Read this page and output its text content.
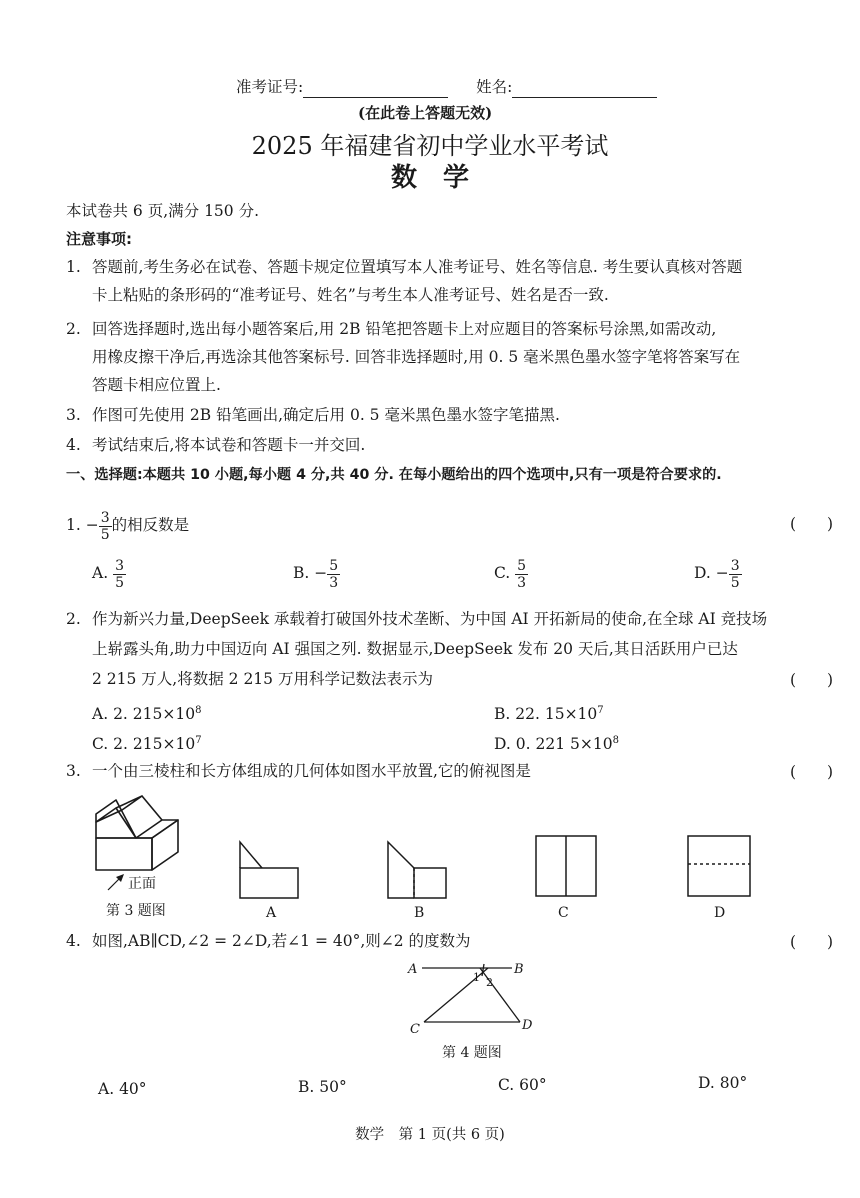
准考证号:	姓名:
(在此卷上答题无效)
2025 年福建省初中学业水平考试
数　学
本试卷共 6 页,满分 150 分.
注意事项:
1. 答题前,考生务必在试卷、答题卡规定位置填写本人准考证号、姓名等信息. 考生要认真核对答题
卡上粘贴的条形码的“准考证号、姓名”与考生本人准考证号、姓名是否一致.
2. 回答选择题时,选出每小题答案后,用 2B 铅笔把答题卡上对应题目的答案标号涂黑,如需改动,
用橡皮擦干净后,再选涂其他答案标号. 回答非选择题时,用 0. 5 毫米黑色墨水签字笔将答案写在
答题卡相应位置上.
3. 作图可先使用 2B 铅笔画出,确定后用 0. 5 毫米黑色墨水签字笔描黑.
4. 考试结束后,将本试卷和答题卡一并交回.
一、选择题:本题共 10 小题,每小题 4 分,共 40 分. 在每小题给出的四个选项中,只有一项是符合要求的.
1. − $\frac{3}{5}$ 的相反数是	(　　)
A. $\frac{3}{5}$	B. − $\frac{5}{3}$	C. $\frac{5}{3}$	D. − $\frac{3}{5}$
2. 作为新兴力量,DeepSeek 承载着打破国外技术垄断、为中国 AI 开拓新局的使命,在全球 AI 竞技场
上崭露头角,助力中国迈向 AI 强国之列. 数据显示,DeepSeek 发布 20 天后,其日活跃用户已达
2 215 万人,将数据 2 215 万用科学记数法表示为	(　　)
A. 2. $215\times 10^8$	B. 22. $15\times 10^7$
C. 2. $215\times 10^7$	D. 0. 221 $5\times 10^8$
3. 一个由三棱柱和长方体组成的几何体如图水平放置,它的俯视图是	(　　)
正面
第 3 题图	A	B	C	D
4. 如图,AB∥CD,∠2 = 2∠D,若∠1 = 40°,则∠2 的度数为	(　　)
A	B
C	D
1 2
第 4 题图
A. 40°	B. 50°	C. 60°	D. 80°
数学　第 1 页(共 6 页)
